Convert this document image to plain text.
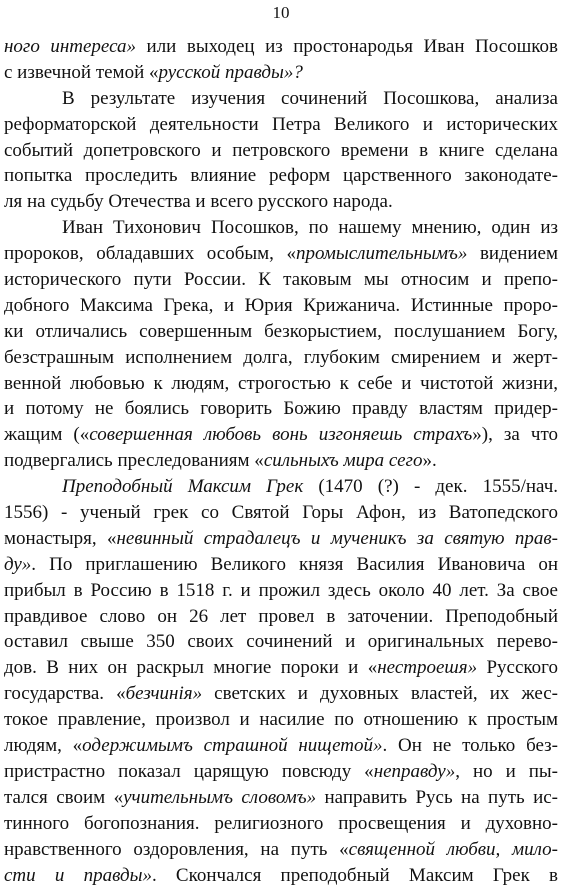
10
ного интереса» или выходец из простонародья Иван Посошков
с извечной темой «русской правды»?
В результате изучения сочинений Посошкова, анализа
реформаторской деятельности Петра Великого и исторических
событий допетровского и петровского времени в книге сделана
попытка проследить влияние реформ царственного законодате-
ля на судьбу Отечества и всего русского народа.
Иван Тихонович Посошков, по нашему мнению, один из
пророков, обладавших особым, «промыслительнымъ» видением
исторического пути России. К таковым мы относим и препо-
добного Максима Грека, и Юрия Крижанича. Истинные проро-
ки отличались совершенным безкорыстием, послушанием Богу,
безстрашным исполнением долга, глубоким смирением и жерт-
венной любовью к людям, строгостью к себе и чистотой жизни,
и потому не боялись говорить Божию правду властям придер-
жащим («совершенная любовь вонь изгоняешь страхъ»), за что
подвергались преследованиям «сильныхъ мира сего».
Преподобный Максим Грек (1470 (?) - дек. 1555/нач.
1556) - ученый грек со Святой Горы Афон, из Ватопедского
монастыря, «невинный страдалецъ и мученикъ за святую прав-
ду». По приглашению Великого князя Василия Ивановича он
прибыл в Россию в 1518 г. и прожил здесь около 40 лет. За свое
правдивое слово он 26 лет провел в заточении. Преподобный
оставил свыше 350 своих сочинений и оригинальных перево-
дов. В них он раскрыл многие пороки и «нестроешя» Русского
государства. «безчинія» светских и духовных властей, их жес-
токое правление, произвол и насилие по отношению к простым
людям, «одержимымъ страшной нищетой». Он не только без-
пристрастно показал царящую повсюду «неправду», но и пы-
тался своим «учительнымъ словомъ» направить Русь на путь ис-
тинного богопознания. религиозного просвещения и духовно-
нравственного оздоровления, на путь «священной любви, мило-
сти и правды». Скончался преподобный Максим Грек в
